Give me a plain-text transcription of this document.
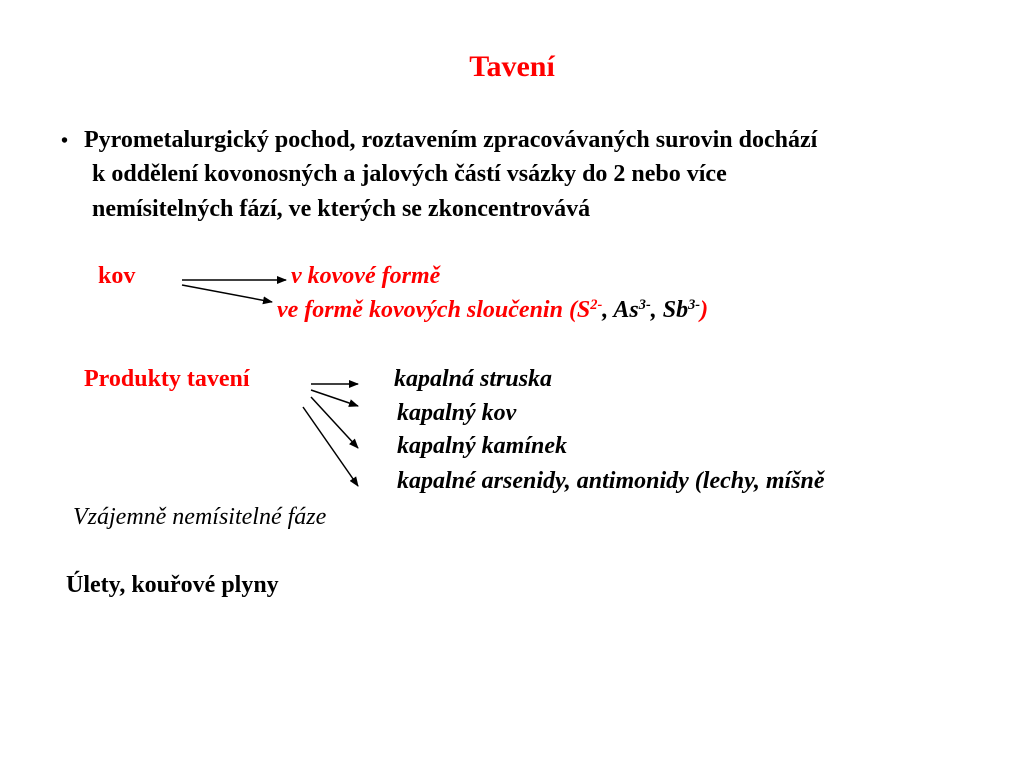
Tavení
• Pyrometalurgický pochod, roztavením zpracovávaných surovin dochází
k oddělení kovonosných a jalových částí vsázky do 2 nebo více
nemísitelných fází, ve kterých se zkoncentrovává
kov	v kovové formě
ve formě kovových sloučenin ($S^{2-}$, $As^{3-}$, $Sb^{3-}$)
Produkty tavení	kapalná struska
kapalný kov
kapalný kamínek
kapalné arsenidy, antimonidy (lechy, míšně
Vzájemně nemísitelné fáze
Úlety, kouřové plyny
